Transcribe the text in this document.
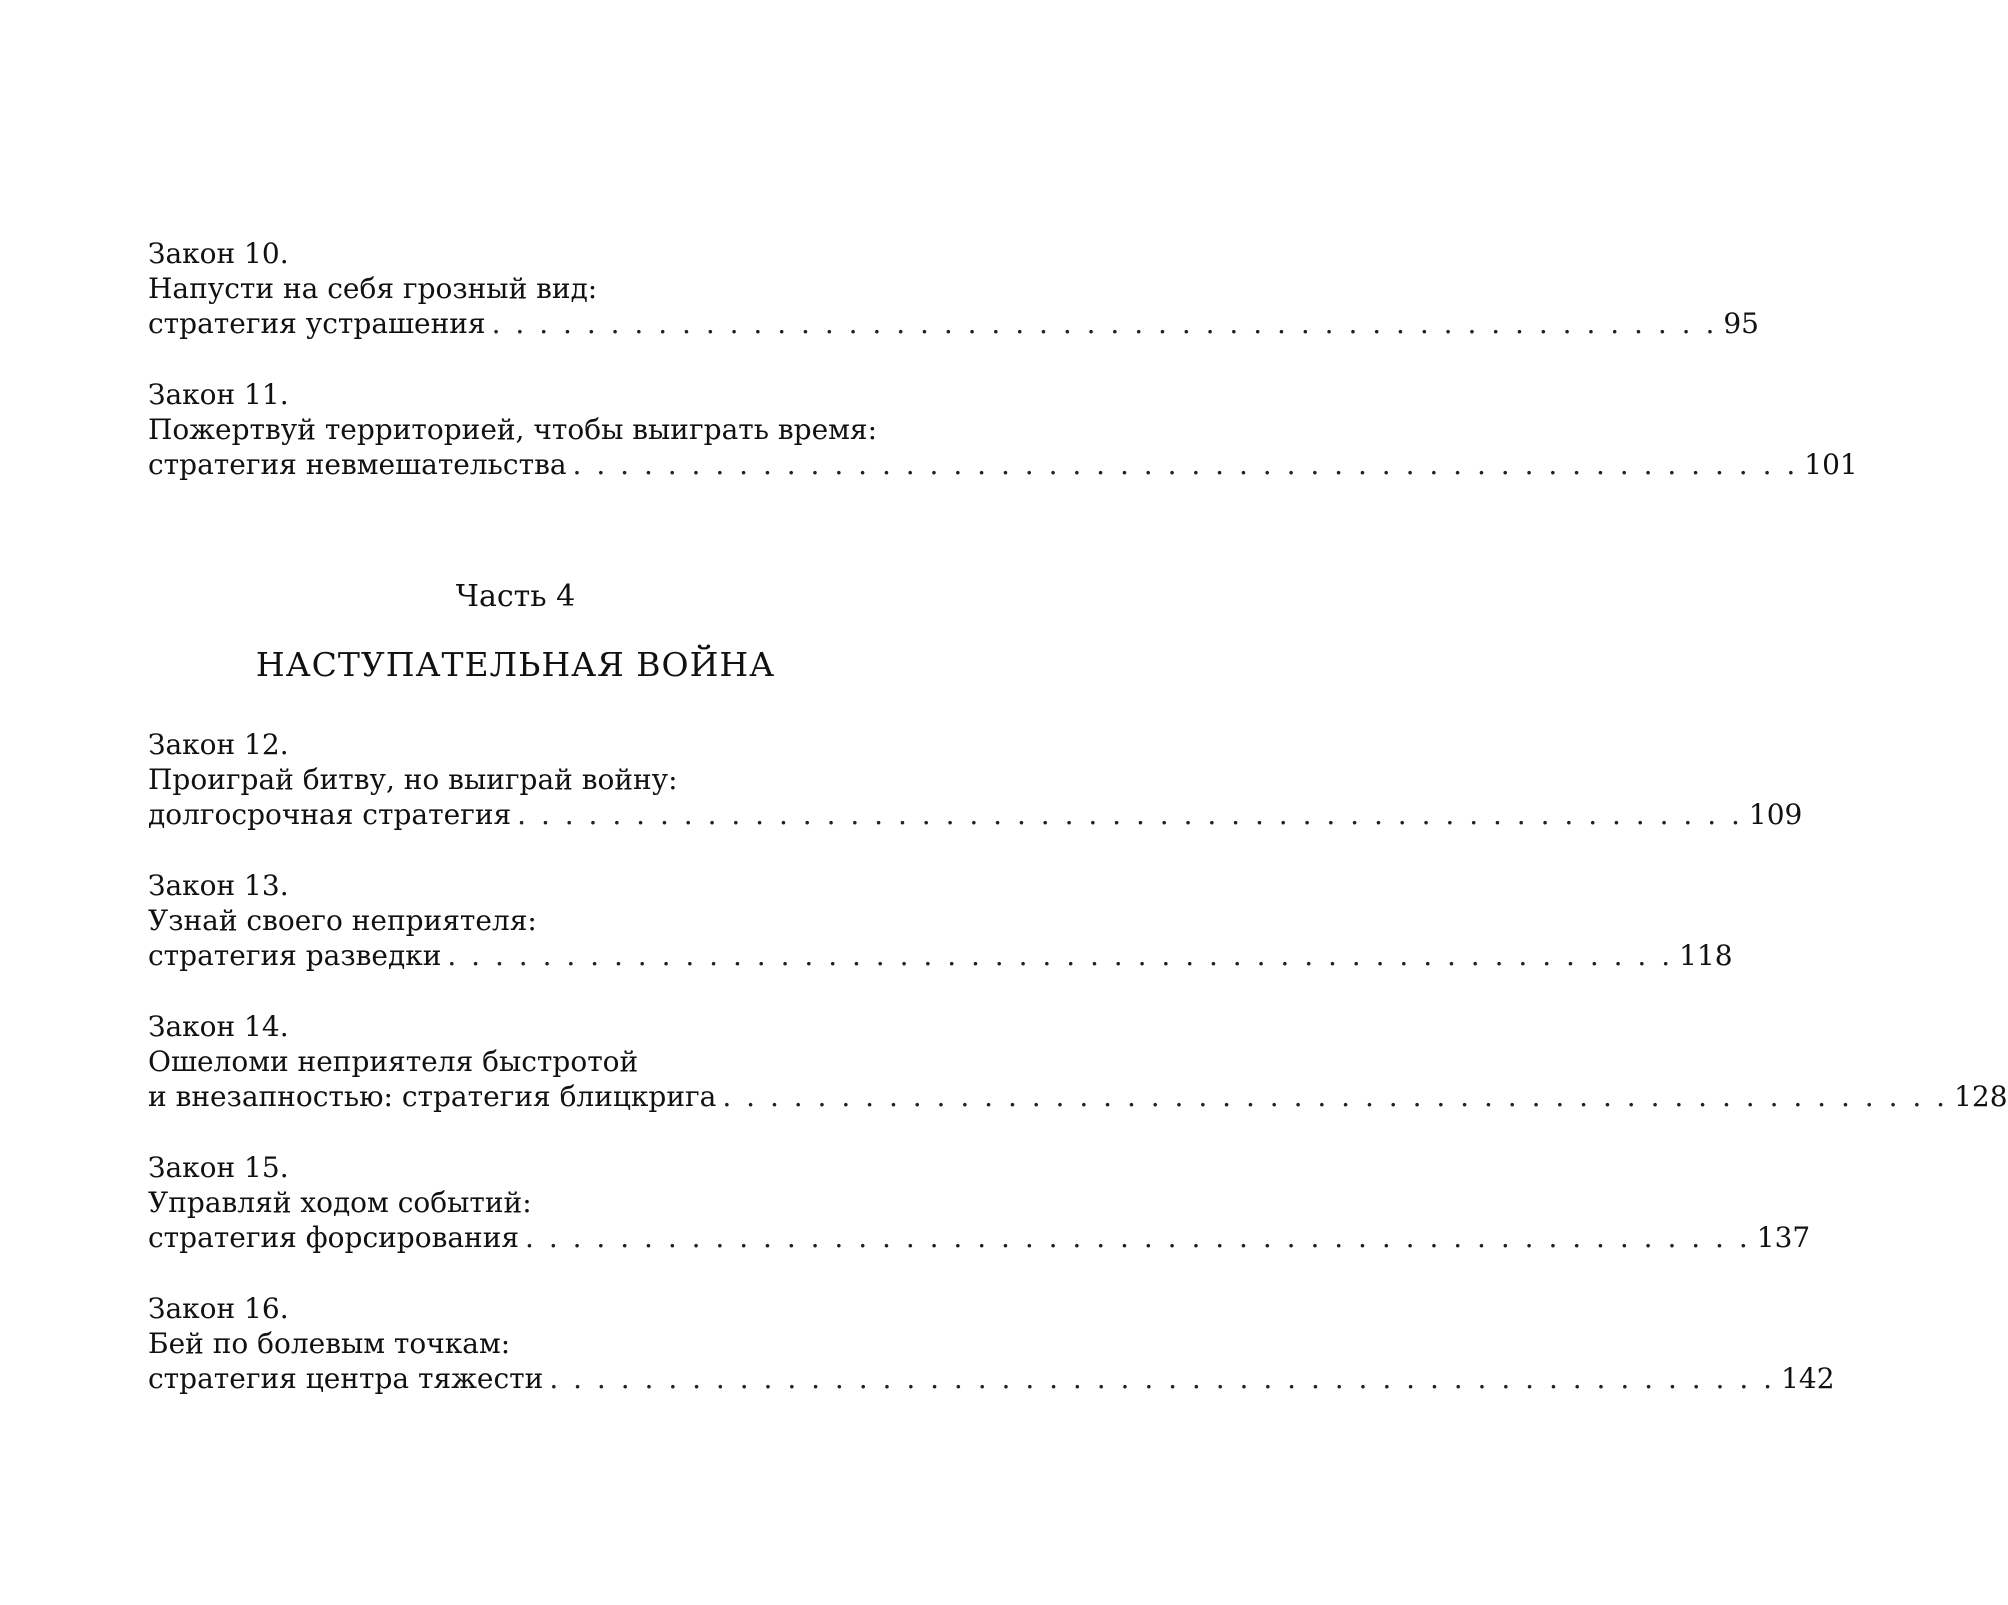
Закон 10.
Напусти на себя грозный вид:
стратегия устрашения . . . . . . . . . . . . . . . . . . . . . . . . . . . . . . . . . . . . . . . . . . . . . . . . . . . . 95
Закон 11.
Пожертвуй территорией, чтобы выиграть время:
стратегия невмешательства . . . . . . . . . . . . . . . . . . . . . . . . . . . . . . . . . . . . . . . . . . . . . . . . . . . . 101
Часть 4
НАСТУПАТЕЛЬНАЯ ВОЙНА
Закон 12.
Проиграй битву, но выиграй войну:
долгосрочная стратегия . . . . . . . . . . . . . . . . . . . . . . . . . . . . . . . . . . . . . . . . . . . . . . . . . . . . 109
Закон 13.
Узнай своего неприятеля:
стратегия разведки . . . . . . . . . . . . . . . . . . . . . . . . . . . . . . . . . . . . . . . . . . . . . . . . . . . . 118
Закон 14.
Ошеломи неприятеля быстротой
и внезапностью: стратегия блицкрига . . . . . . . . . . . . . . . . . . . . . . . . . . . . . . . . . . . . . . . . . . . . . . . . . . . . 128
Закон 15.
Управляй ходом событий:
стратегия форсирования . . . . . . . . . . . . . . . . . . . . . . . . . . . . . . . . . . . . . . . . . . . . . . . . . . . . 137
Закон 16.
Бей по болевым точкам:
стратегия центра тяжести . . . . . . . . . . . . . . . . . . . . . . . . . . . . . . . . . . . . . . . . . . . . . . . . . . . . 142
